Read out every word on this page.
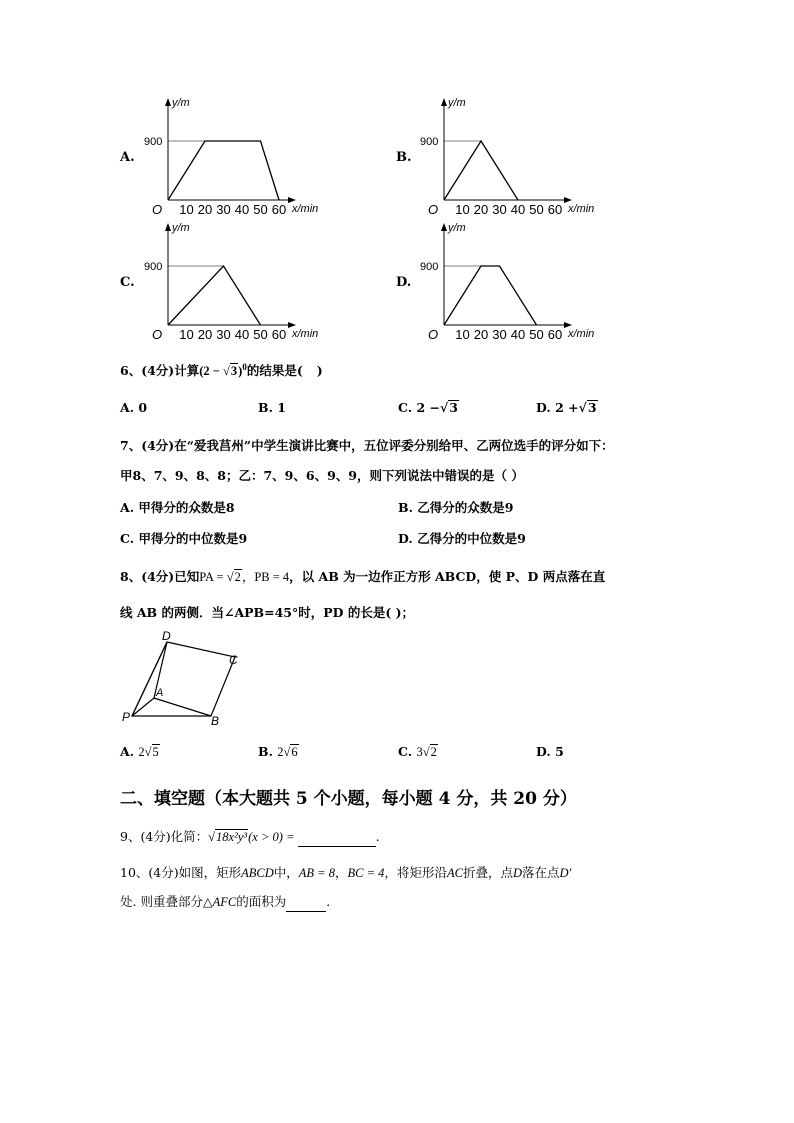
A.
y/m
x/min
O
900
10 20 30 40 50 60
B.
y/m
x/min
O
900
10 20 30 40 50 60
C.
y/m
x/min
O
900
10 20 30 40 50 60
D.
y/m
x/min
O
900
10 20 30 40 50 60
6、(4分)计算$(2 - √3)^0$的结果是( )
A. 0	B. 1	C. 2 −√3	D. 2 +√3
7、(4分)在“爱我莒州”中学生演讲比赛中，五位评委分别给甲、乙两位选手的评分如下：
甲8、7、9、8、8；乙：7、9、6、9、9，则下列说法中错误的是（ ）
A. 甲得分的众数是8	B. 乙得分的众数是9
C. 甲得分的中位数是9	D. 乙得分的中位数是9
8、(4分)已知PA = √2，PB = 4，以 AB 为一边作正方形 ABCD，使 P、D 两点落在直
线 AB 的两侧．当∠APB=45°时，PD 的长是( )；
D
C
A
P	B
A. 2√5	B. 2√6	C. 3√2	D. 5
二、填空题（本大题共 5 个小题，每小题 4 分，共 20 分）
9、(4分)化简：√18x²y³(x > 0) =	.
10、(4分)如图，矩形ABCD中，AB = 8，BC = 4，将矩形沿AC折叠，点D落在点D′
处. 则重叠部分△AFC的面积为	.
